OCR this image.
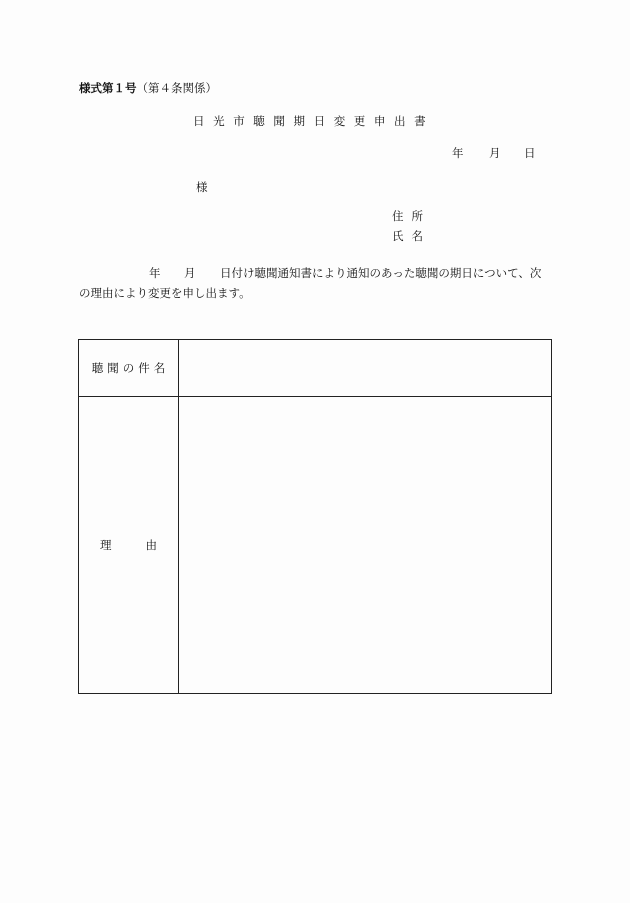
様式第１号（第４条関係）
日光市聴聞期日変更申出書
年 月 日
様
住所
氏名
年 月 日付け聴聞通知書により通知のあった聴聞の期日について、次
の理由により変更を申し出ます。
聴聞の件名	
理 由	
